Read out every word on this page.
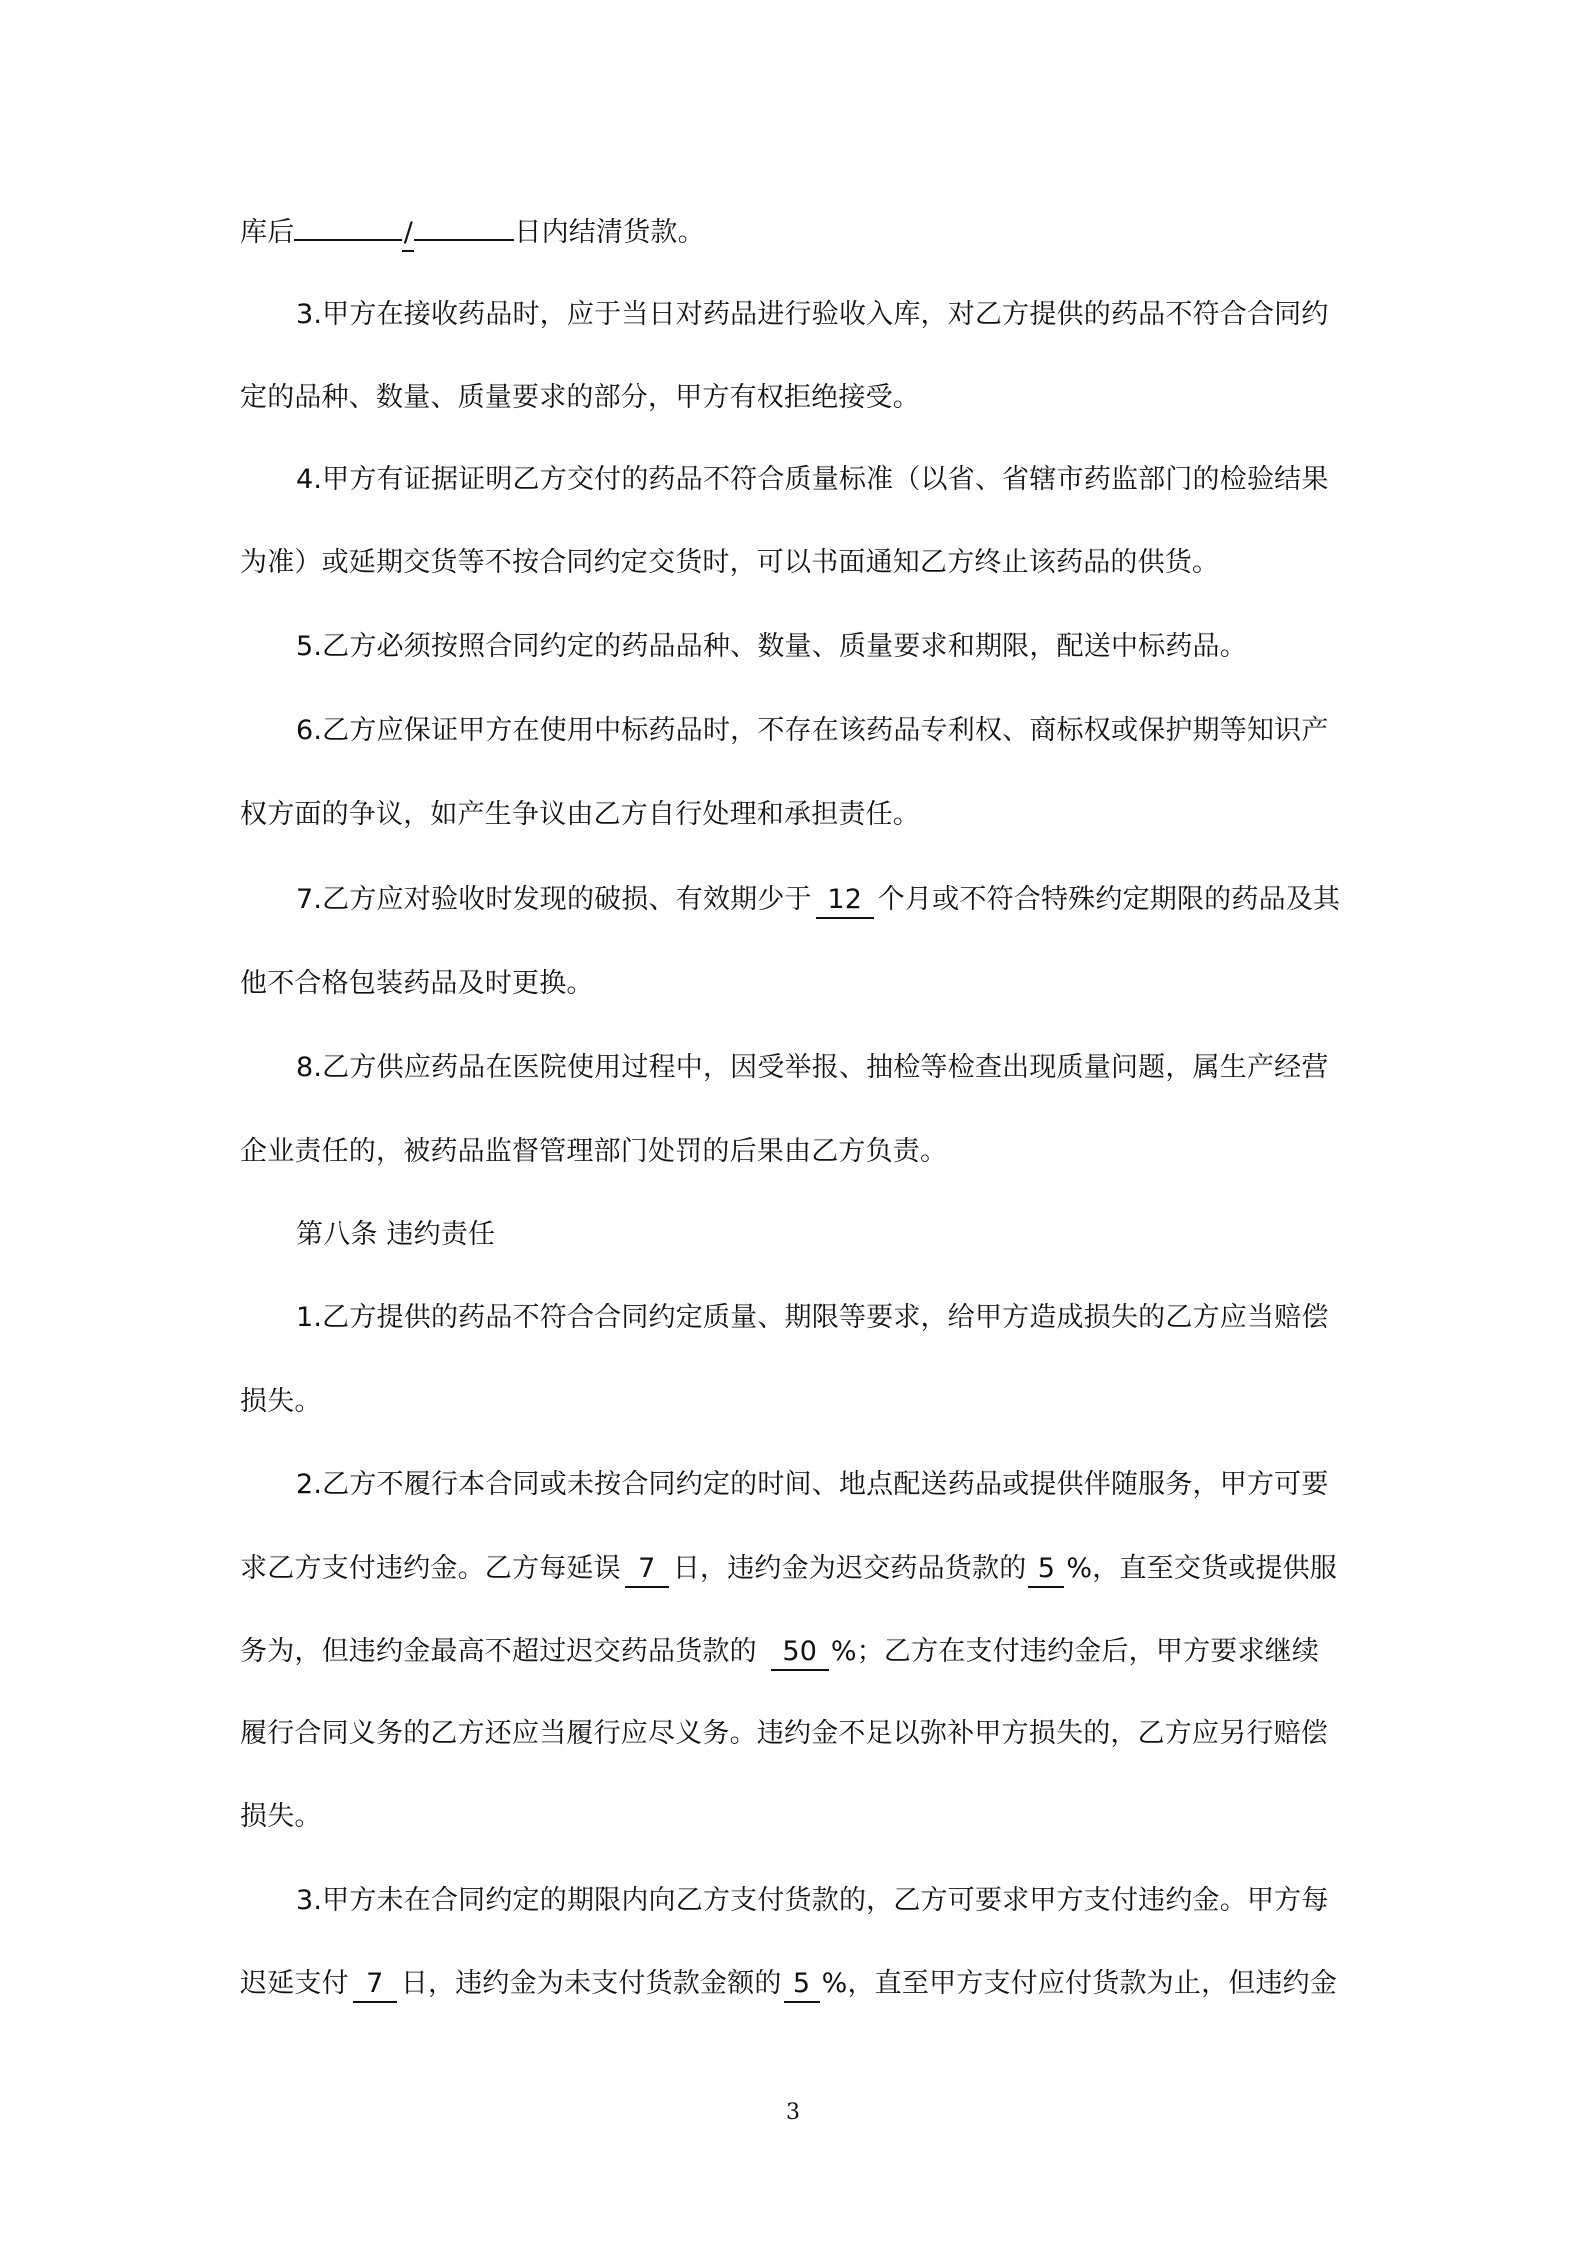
库后	/	日内结清货款。
3.甲方在接收药品时，应于当日对药品进行验收入库，对乙方提供的药品不符合合同约
定的品种、数量、质量要求的部分，甲方有权拒绝接受。
4.甲方有证据证明乙方交付的药品不符合质量标准（以省、省辖市药监部门的检验结果
为准）或延期交货等不按合同约定交货时，可以书面通知乙方终止该药品的供货。
5.乙方必须按照合同约定的药品品种、数量、质量要求和期限，配送中标药品。
6.乙方应保证甲方在使用中标药品时，不存在该药品专利权、商标权或保护期等知识产
权方面的争议，如产生争议由乙方自行处理和承担责任。
7.乙方应对验收时发现的破损、有效期少于 12 个月或不符合特殊约定期限的药品及其
他不合格包装药品及时更换。
8.乙方供应药品在医院使用过程中，因受举报、抽检等检查出现质量问题，属生产经营
企业责任的，被药品监督管理部门处罚的后果由乙方负责。
第八条 违约责任
1.乙方提供的药品不符合合同约定质量、期限等要求，给甲方造成损失的乙方应当赔偿
损失。
2.乙方不履行本合同或未按合同约定的时间、地点配送药品或提供伴随服务，甲方可要
求乙方支付违约金。乙方每延误 7 日，违约金为迟交药品货款的 5 %，直至交货或提供服
务为，但违约金最高不超过迟交药品货款的 50 %；乙方在支付违约金后，甲方要求继续
履行合同义务的乙方还应当履行应尽义务。违约金不足以弥补甲方损失的，乙方应另行赔偿
损失。
3.甲方未在合同约定的期限内向乙方支付货款的，乙方可要求甲方支付违约金。甲方每
迟延支付 7 日，违约金为未支付货款金额的 5 %，直至甲方支付应付货款为止，但违约金
3
